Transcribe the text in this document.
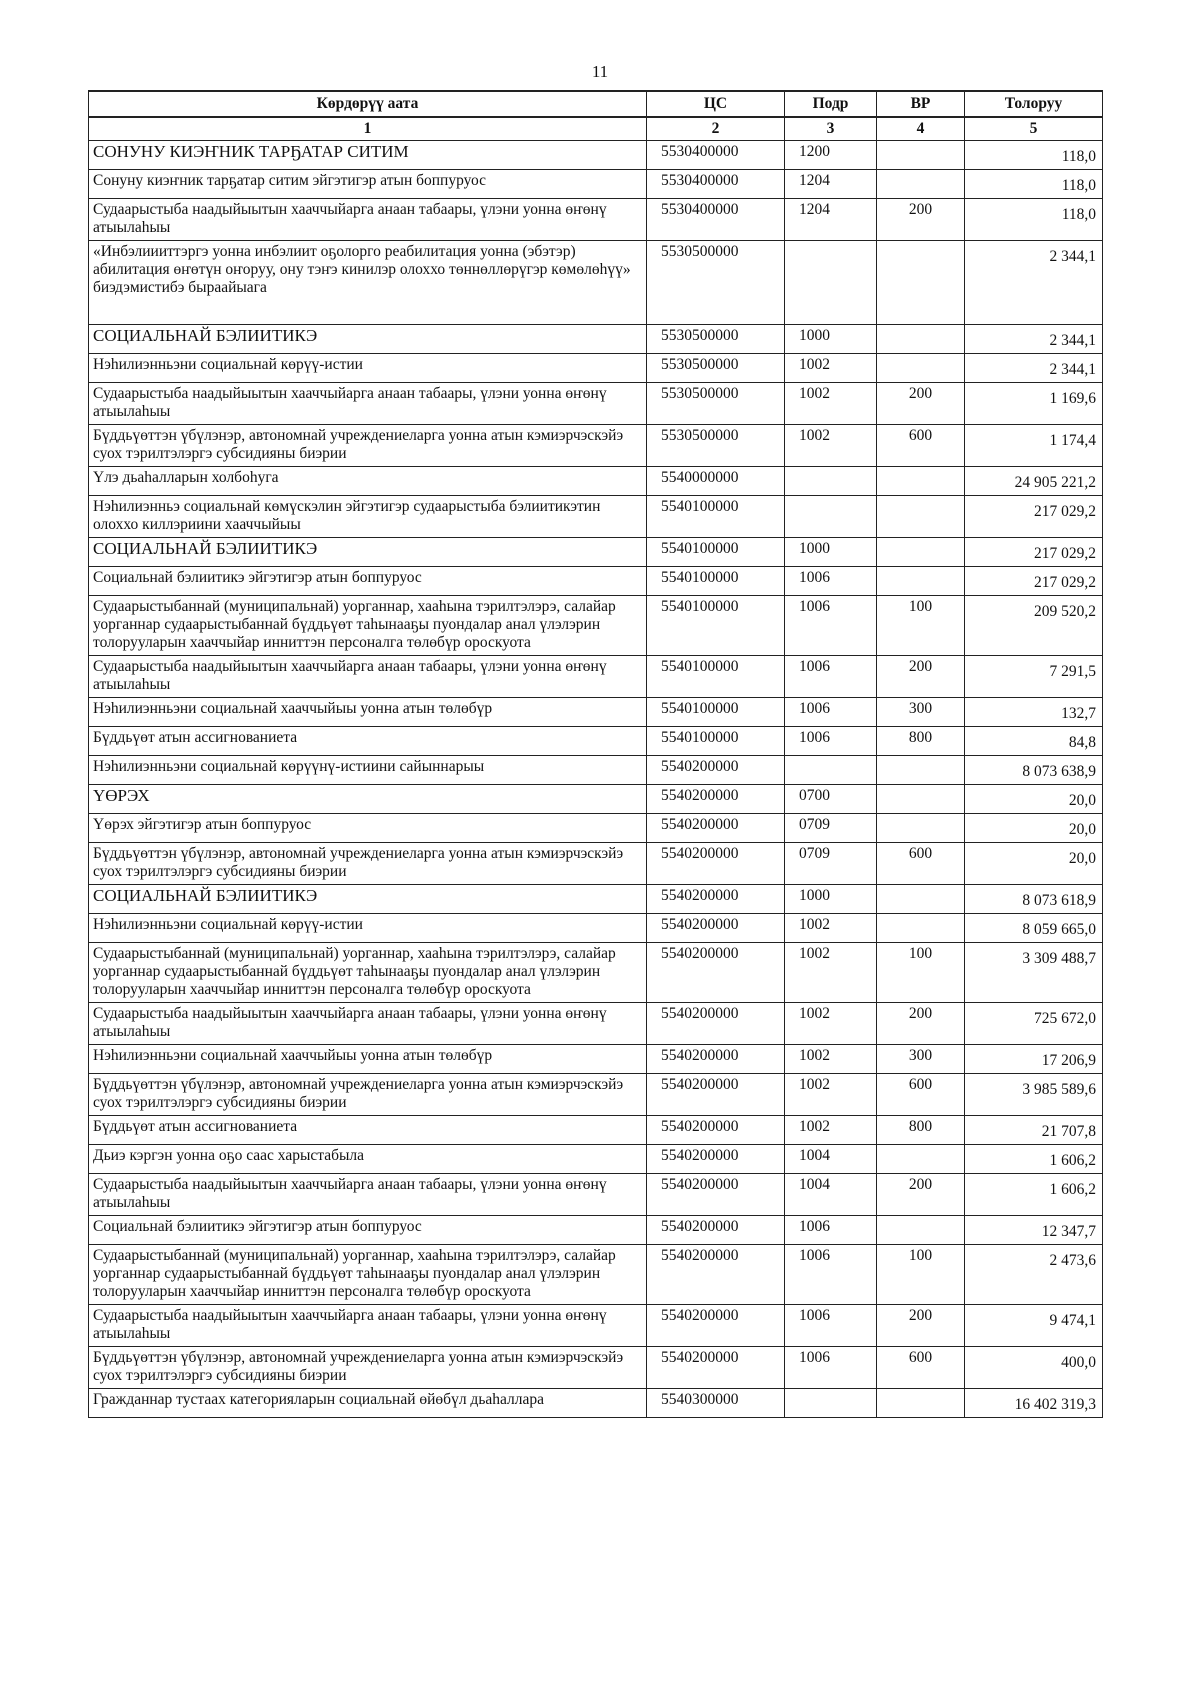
11
Көрдөрүү аата	ЦС	Подр	ВР	Толоруу
1	2	3	4	5
СОНУНУ КИЭҤНИК ТАРҔАТАР СИТИМ	5530400000	1200		118,0
Сонуну киэҥник тарҕатар ситим эйгэтигэр атын боппуруос	5530400000	1204		118,0
Судаарыстыба наадыйыытын хааччыйарга анаан табаары, үлэни уонна өҥөнү атыылаһыы	5530400000	1204	200	118,0
«Инбэлиииттэргэ уонна инбэлиит оҕолорго реабилитация уонна (эбэтэр) абилитация өҥөтүн оҥоруу, ону тэҥэ кинилэр олоххо төннөллөрүгэр көмөлөһүү» биэдэмистибэ быраайыага	5530500000			2 344,1
СОЦИАЛЬНАЙ БЭЛИИТИКЭ	5530500000	1000		2 344,1
Нэһилиэнньэни социальнай көрүү-истии	5530500000	1002		2 344,1
Судаарыстыба наадыйыытын хааччыйарга анаан табаары, үлэни уонна өҥөнү атыылаһыы	5530500000	1002	200	1 169,6
Бүддьүөттэн үбүлэнэр, автономнай учреждениеларга уонна атын кэмиэрчэскэйэ суох тэрилтэлэргэ субсидияны биэрии	5530500000	1002	600	1 174,4
Үлэ дьаһалларын холбоһуга	5540000000			24 905 221,2
Нэһилиэнньэ социальнай көмүскэлин эйгэтигэр судаарыстыба бэлиитикэтин олоххо киллэриини хааччыйыы	5540100000			217 029,2
СОЦИАЛЬНАЙ БЭЛИИТИКЭ	5540100000	1000		217 029,2
Социальнай бэлиитикэ эйгэтигэр атын боппуруос	5540100000	1006		217 029,2
Судаарыстыбаннай (муниципальнай) уорганнар, хааһына тэрилтэлэрэ, салайар уорганнар судаарыстыбаннай бүддьүөт таһынааҕы пуондалар анал үлэлэрин толорууларын хааччыйар инниттэн персоналга төлөбүр ороскуота	5540100000	1006	100	209 520,2
Судаарыстыба наадыйыытын хааччыйарга анаан табаары, үлэни уонна өҥөнү атыылаһыы	5540100000	1006	200	7 291,5
Нэһилиэнньэни социальнай хааччыйыы уонна атын төлөбүр	5540100000	1006	300	132,7
Бүддьүөт атын ассигнованиета	5540100000	1006	800	84,8
Нэһилиэнньэни социальнай көрүүнү-истиини сайыннарыы	5540200000			8 073 638,9
ҮӨРЭХ	5540200000	0700		20,0
Үөрэх эйгэтигэр атын боппуруос	5540200000	0709		20,0
Бүддьүөттэн үбүлэнэр, автономнай учреждениеларга уонна атын кэмиэрчэскэйэ суох тэрилтэлэргэ субсидияны биэрии	5540200000	0709	600	20,0
СОЦИАЛЬНАЙ БЭЛИИТИКЭ	5540200000	1000		8 073 618,9
Нэһилиэнньэни социальнай көрүү-истии	5540200000	1002		8 059 665,0
Судаарыстыбаннай (муниципальнай) уорганнар, хааһына тэрилтэлэрэ, салайар уорганнар судаарыстыбаннай бүддьүөт таһынааҕы пуондалар анал үлэлэрин толорууларын хааччыйар инниттэн персоналга төлөбүр ороскуота	5540200000	1002	100	3 309 488,7
Судаарыстыба наадыйыытын хааччыйарга анаан табаары, үлэни уонна өҥөнү атыылаһыы	5540200000	1002	200	725 672,0
Нэһилиэнньэни социальнай хааччыйыы уонна атын төлөбүр	5540200000	1002	300	17 206,9
Бүддьүөттэн үбүлэнэр, автономнай учреждениеларга уонна атын кэмиэрчэскэйэ суох тэрилтэлэргэ субсидияны биэрии	5540200000	1002	600	3 985 589,6
Бүддьүөт атын ассигнованиета	5540200000	1002	800	21 707,8
Дьиэ кэргэн уонна оҕо саас харыстабыла	5540200000	1004		1 606,2
Судаарыстыба наадыйыытын хааччыйарга анаан табаары, үлэни уонна өҥөнү атыылаһыы	5540200000	1004	200	1 606,2
Социальнай бэлиитикэ эйгэтигэр атын боппуруос	5540200000	1006		12 347,7
Судаарыстыбаннай (муниципальнай) уорганнар, хааһына тэрилтэлэрэ, салайар уорганнар судаарыстыбаннай бүддьүөт таһынааҕы пуондалар анал үлэлэрин толорууларын хааччыйар инниттэн персоналга төлөбүр ороскуота	5540200000	1006	100	2 473,6
Судаарыстыба наадыйыытын хааччыйарга анаан табаары, үлэни уонна өҥөнү атыылаһыы	5540200000	1006	200	9 474,1
Бүддьүөттэн үбүлэнэр, автономнай учреждениеларга уонна атын кэмиэрчэскэйэ суох тэрилтэлэргэ субсидияны биэрии	5540200000	1006	600	400,0
Гражданнар тустаах категорияларын социальнай өйөбүл дьаһаллара	5540300000			16 402 319,3
